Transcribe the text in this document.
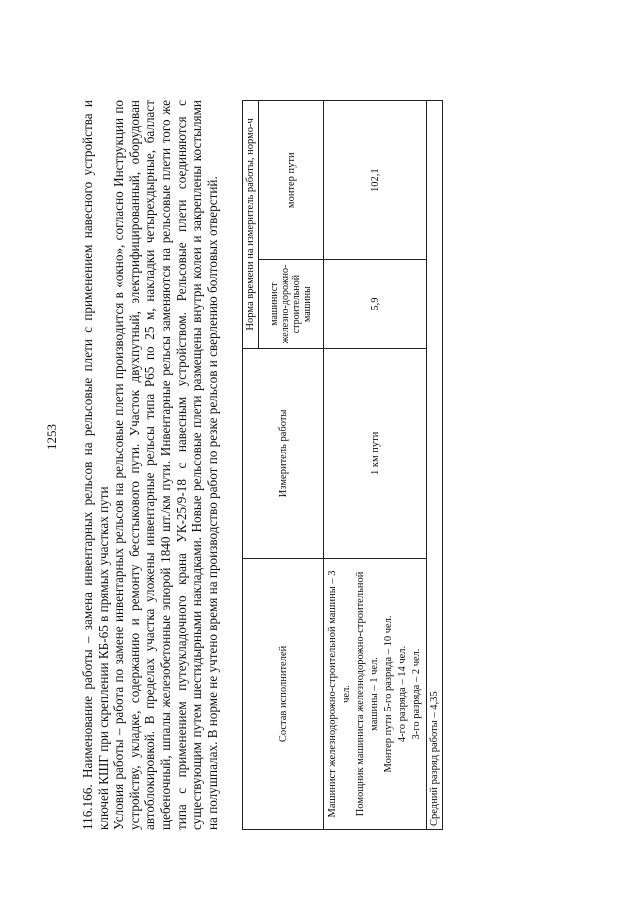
1253 116.166. Наименование работы – замена инвентарных рельсов на рельсовые плети с применением навесного устройства и ключей КШГ при скреплении КБ-65 в прямых участках пути Условия работы – работа по замене инвентарных рельсов на рельсовые плети производится в «окно», согласно Инструкции по устройству, укладке, содержанию и ремонту бесстыкового пути. Участок двухпутный, электрифицированный, оборудован автоблокировкой. В пределах участка уложены инвентарные рельсы типа Р65 по 25 м, накладки четырехдырные, балласт щебеночный, шпалы железобетонные эпюрой 1840 шт./км пути. Инвентарные рельсы заменяются на рельсовые плети того же типа с применением путеукладочного крана УК-25/9-18 с навесным устройством. Рельсовые плети соединяются с существующим путем шестидырными накладками. Новые рельсовые плети размещены внутри колеи и закреплены костылями на полушпалах. В норме не учтено время на производство работ по резке рельсов и сверлению болтовых отверстий.	Состав исполнителей	Измеритель работы	Норма времени на измеритель работы, нормо-ч	
		машинист железно-дорожно-строительной машины	монтер пути

Машинист железнодорожно-строительной машины – 3 чел. Помощник машиниста железнодорожно-строительной машины – 1 чел. Монтер пути 5-го разряда – 10 чел. 4-го разряда – 14 чел. 3-го разряда – 2 чел.	1 км пути	5,9	102,1
Средний разряд работы – 4,35			
